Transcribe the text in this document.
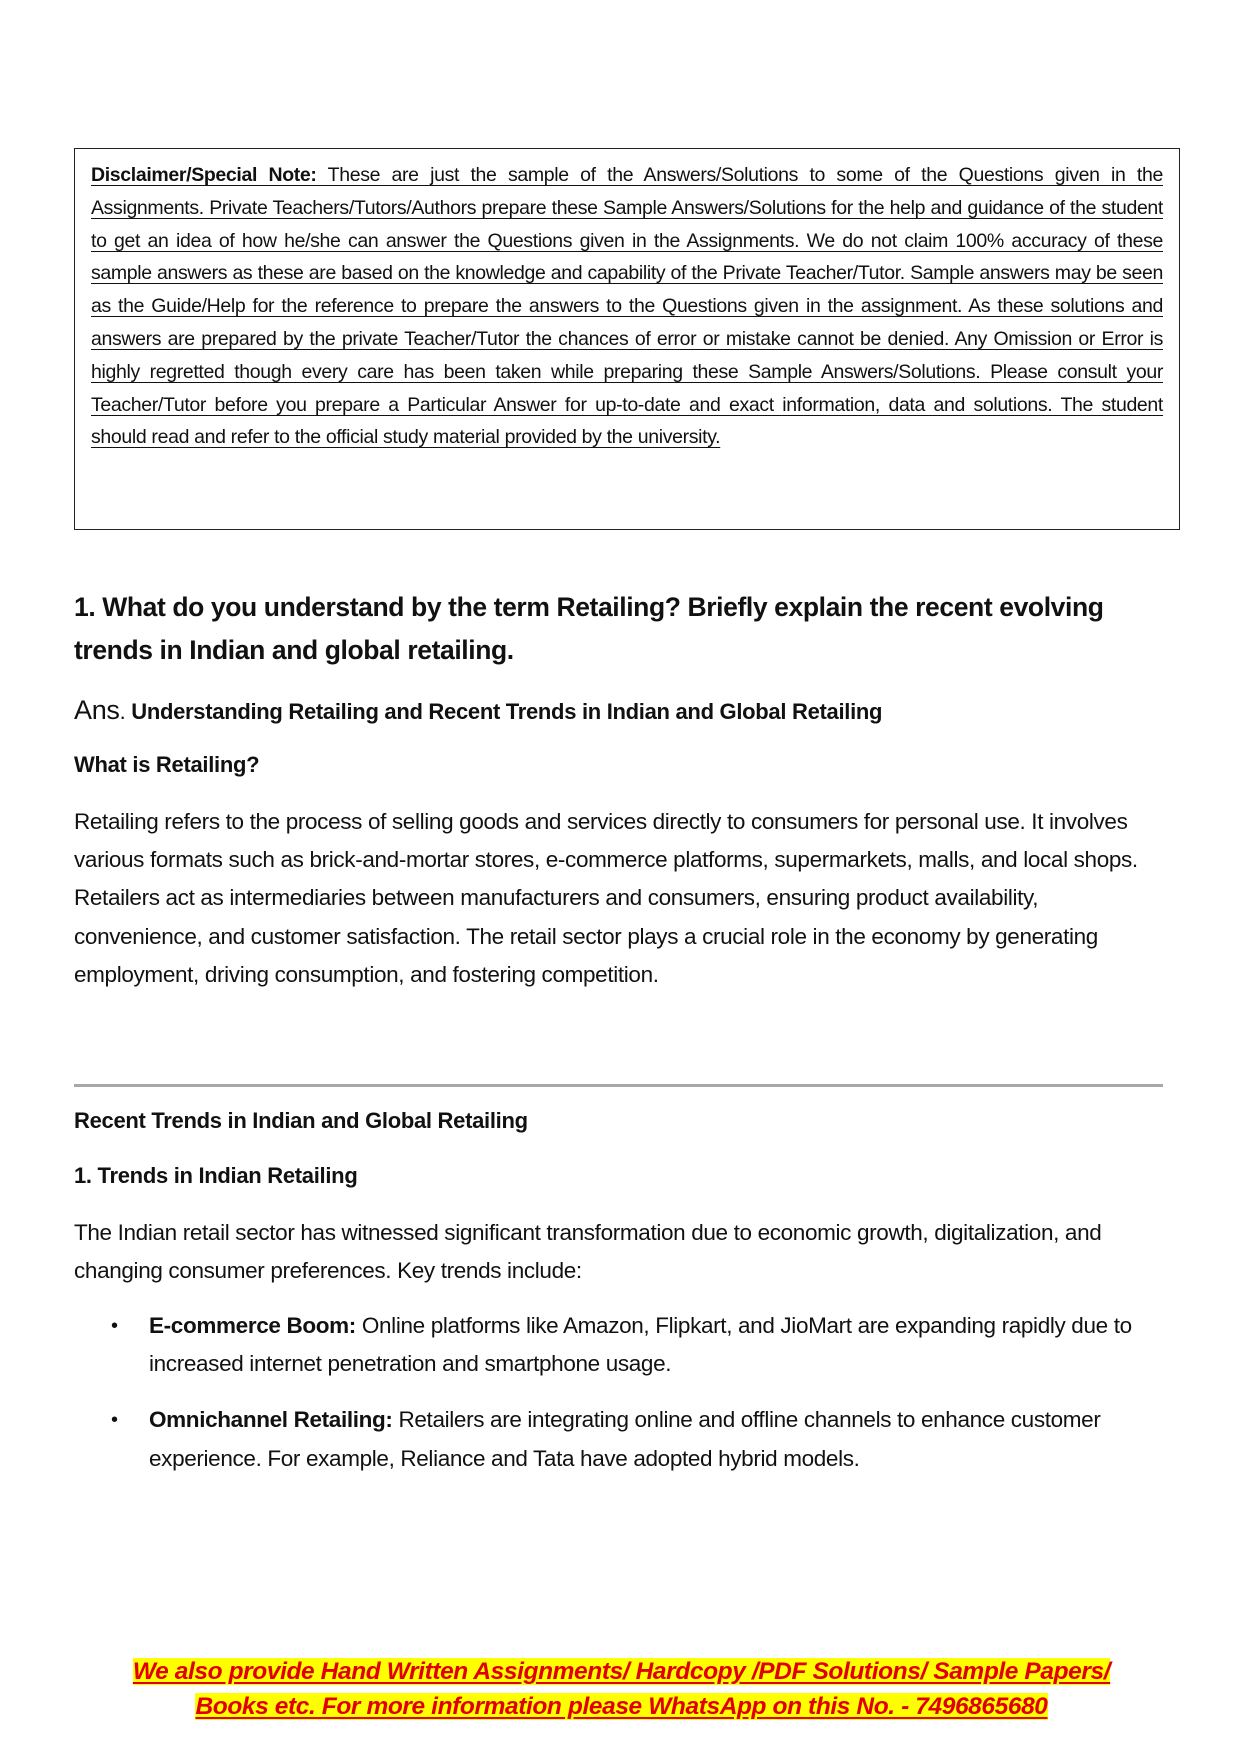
Disclaimer/Special Note: These are just the sample of the Answers/Solutions to some of the Questions given in the Assignments. Private Teachers/Tutors/Authors prepare these Sample Answers/Solutions for the help and guidance of the student to get an idea of how he/she can answer the Questions given in the Assignments. We do not claim 100% accuracy of these sample answers as these are based on the knowledge and capability of the Private Teacher/Tutor. Sample answers may be seen as the Guide/Help for the reference to prepare the answers to the Questions given in the assignment. As these solutions and answers are prepared by the private Teacher/Tutor the chances of error or mistake cannot be denied. Any Omission or Error is highly regretted though every care has been taken while preparing these Sample Answers/Solutions. Please consult your Teacher/Tutor before you prepare a Particular Answer for up-to-date and exact information, data and solutions. The student should read and refer to the official study material provided by the university.
1. What do you understand by the term Retailing? Briefly explain the recent evolving trends in Indian and global retailing.
Ans. Understanding Retailing and Recent Trends in Indian and Global Retailing
What is Retailing?
Retailing refers to the process of selling goods and services directly to consumers for personal use. It involves various formats such as brick-and-mortar stores, e-commerce platforms, supermarkets, malls, and local shops. Retailers act as intermediaries between manufacturers and consumers, ensuring product availability, convenience, and customer satisfaction. The retail sector plays a crucial role in the economy by generating employment, driving consumption, and fostering competition.
Recent Trends in Indian and Global Retailing
1. Trends in Indian Retailing
The Indian retail sector has witnessed significant transformation due to economic growth, digitalization, and changing consumer preferences. Key trends include:
• E-commerce Boom: Online platforms like Amazon, Flipkart, and JioMart are expanding rapidly due to increased internet penetration and smartphone usage.
• Omnichannel Retailing: Retailers are integrating online and offline channels to enhance customer experience. For example, Reliance and Tata have adopted hybrid models.
We also provide Hand Written Assignments/ Hardcopy /PDF Solutions/ Sample Papers/
Books etc. For more information please WhatsApp on this No. - 7496865680
